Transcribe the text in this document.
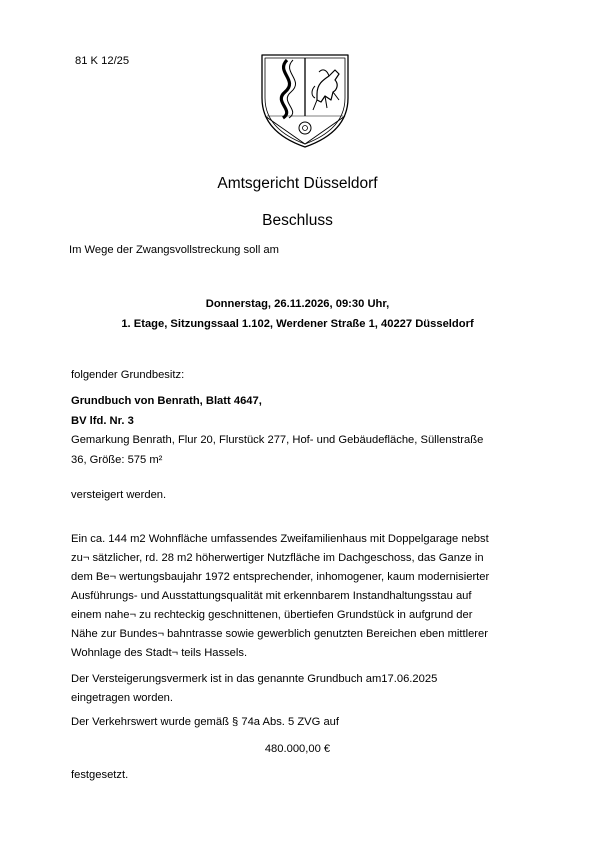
81 K 12/25
Amtsgericht Düsseldorf
Beschluss
Im Wege der Zwangsvollstreckung soll am
Donnerstag, 26.11.2026, 09:30 Uhr,
1. Etage, Sitzungssaal 1.102, Werdener Straße 1, 40227 Düsseldorf
folgender Grundbesitz:
Grundbuch von Benrath, Blatt 4647,
BV lfd. Nr. 3
Gemarkung Benrath, Flur 20, Flurstück 277, Hof- und Gebäudefläche, Süllenstraße
36, Größe: 575 m²
versteigert werden.

Ein ca. 144 m2 Wohnfläche umfassendes Zweifamilienhaus mit Doppelgarage nebst

zu¬ sätzlicher, rd. 28 m2 höherwertiger Nutzfläche im Dachgeschoss, das Ganze in

dem Be¬ wertungsbaujahr 1972 entsprechender, inhomogener, kaum modernisierter

Ausführungs- und Ausstattungsqualität mit erkennbarem Instandhaltungsstau auf

einem nahe¬ zu rechteckig geschnittenen, übertiefen Grundstück in aufgrund der

Nähe zur Bundes¬ bahntrasse sowie gewerblich genutzten Bereichen eben mittlerer

Wohnlage des Stadt¬ teils Hassels.

Der Versteigerungsvermerk ist in das genannte Grundbuch am17.06.2025

eingetragen worden.

Der Verkehrswert wurde gemäß § 74a Abs. 5 ZVG auf
480.000,00 €
festgesetzt.
